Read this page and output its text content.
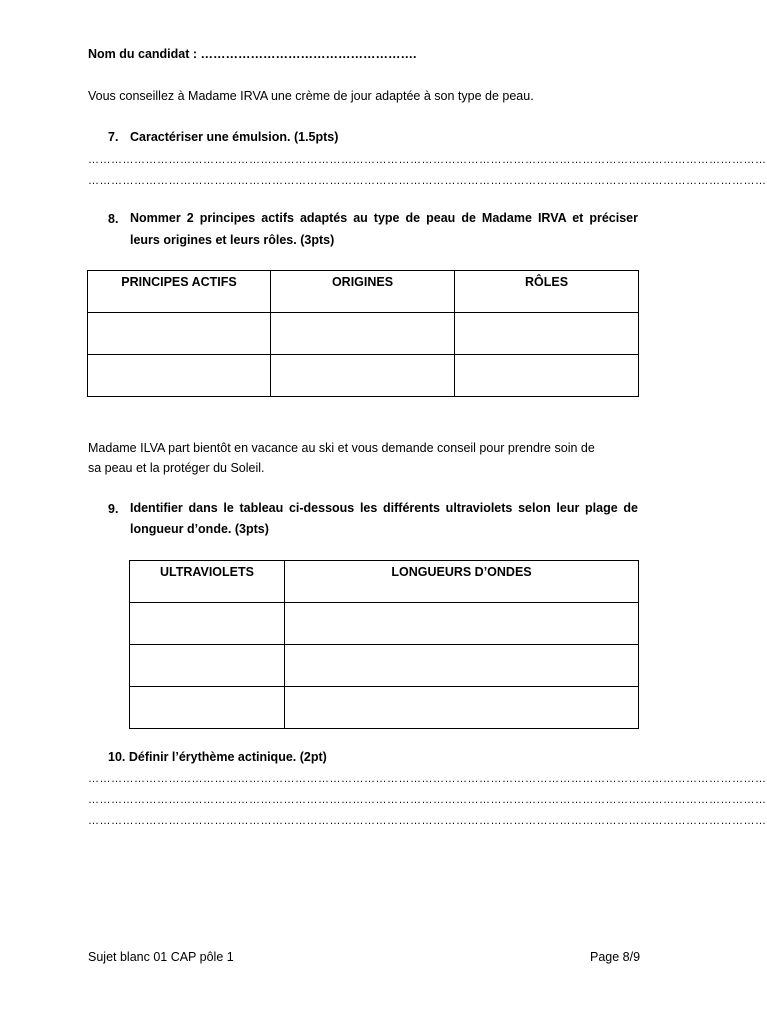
Nom du candidat : …………………………………………….
Vous conseillez à Madame IRVA une crème de jour adaptée à son type de peau.
7. Caractériser une émulsion. (1.5pts)
……………………………………………………………………………………………………………………………………………………………
……………………………………………………………………………………………………………………………………………………………
8. Nommer 2 principes actifs adaptés au type de peau de Madame IRVA et préciser
leurs origines et leurs rôles. (3pts)
PRINCIPES ACTIFS	ORIGINES	RÔLES

Madame ILVA part bientôt en vacance au ski et vous demande conseil pour prendre soin de
sa peau et la protéger du Soleil.
9. Identifier dans le tableau ci-dessous les différents ultraviolets selon leur plage de
longueur d’onde. (3pts)
ULTRAVIOLETS	LONGUEURS D’ONDES

10. Définir l’érythème actinique. (2pt)
……………………………………………………………………………………………………………………………………………………………
……………………………………………………………………………………………………………………………………………………………
……………………………………………………………………………………………………………………………………………………………
Sujet blanc 01 CAP pôle 1	Page 8/9
